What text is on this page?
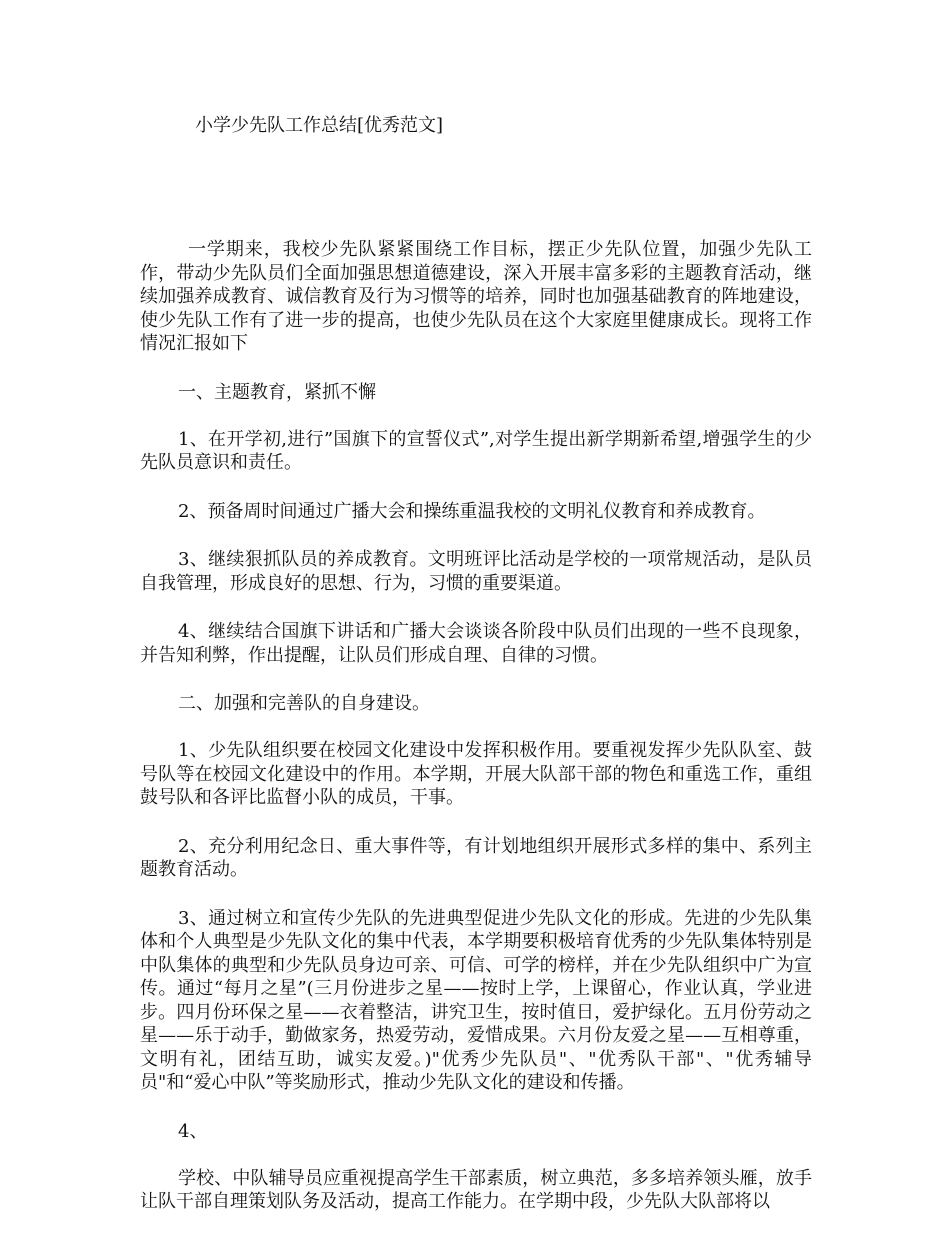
小学少先队工作总结[优秀范文]

一学期来，我校少先队紧紧围绕工作目标，摆正少先队位置，加强少先队工作，带动少先队员们全面加强思想道德建设，深入开展丰富多彩的主题教育活动，继续加强养成教育、诚信教育及行为习惯等的培养，同时也加强基础教育的阵地建设，使少先队工作有了进一步的提高，也使少先队员在这个大家庭里健康成长。现将工作情况汇报如下

一、主题教育，紧抓不懈

1、在开学初,进行”国旗下的宣誓仪式”,对学生提出新学期新希望,增强学生的少先队员意识和责任。

2、预备周时间通过广播大会和操练重温我校的文明礼仪教育和养成教育。

3、继续狠抓队员的养成教育。文明班评比活动是学校的一项常规活动，是队员自我管理，形成良好的思想、行为，习惯的重要渠道。

4、继续结合国旗下讲话和广播大会谈谈各阶段中队员们出现的一些不良现象，并告知利弊，作出提醒，让队员们形成自理、自律的习惯。

二、加强和完善队的自身建设。

1、少先队组织要在校园文化建设中发挥积极作用。要重视发挥少先队队室、鼓号队等在校园文化建设中的作用。本学期，开展大队部干部的物色和重选工作，重组鼓号队和各评比监督小队的成员，干事。

2、充分利用纪念日、重大事件等，有计划地组织开展形式多样的集中、系列主题教育活动。

3、通过树立和宣传少先队的先进典型促进少先队文化的形成。先进的少先队集体和个人典型是少先队文化的集中代表，本学期要积极培育优秀的少先队集体特别是中队集体的典型和少先队员身边可亲、可信、可学的榜样，并在少先队组织中广为宣传。通过“每月之星”(三月份进步之星——按时上学，上课留心，作业认真，学业进步。四月份环保之星——衣着整洁，讲究卫生，按时值日，爱护绿化。五月份劳动之星——乐于动手，勤做家务，热爱劳动，爱惜成果。六月份友爱之星——互相尊重，文明有礼，团结互助，诚实友爱。)"优秀少先队员"、"优秀队干部"、"优秀辅导员"和“爱心中队”等奖励形式，推动少先队文化的建设和传播。

4、

学校、中队辅导员应重视提高学生干部素质，树立典范，多多培养领头雁，放手让队干部自理策划队务及活动，提高工作能力。在学期中段，少先队大队部将以
